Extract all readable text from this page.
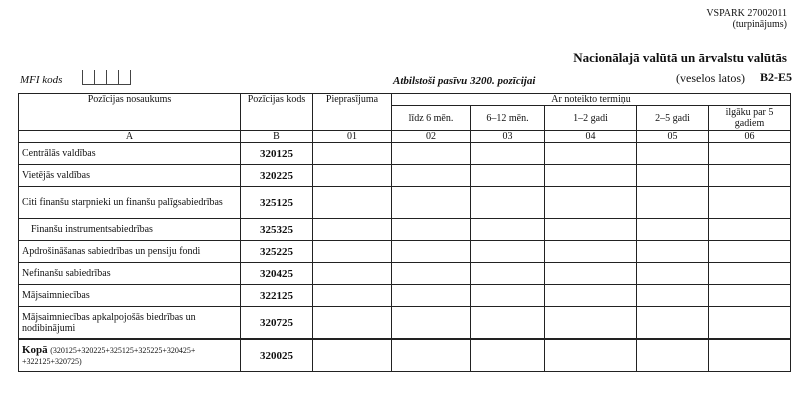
VSPARK 27002011
(turpinājums)
Nacionālajā valūtā un ārvalstu valūtās
MFI kods	Atbilstoši pasīvu 3200. pozīcijai	(veselos latos) B2-E5
Pozīcijas nosaukums	Pozīcijas kods	Pieprasījuma	Ar noteikto termiņu				
			līdz 6 mēn.	6–12 mēn.	1–2 gadi	2–5 gadi	ilgāku par 5 gadiem
A	B	01	02	03	04	05	06
Centrālās valdības	320125						
Vietējās valdības	320225						
Citi finanšu starpnieki un finanšu palīgsabiedrības	325125						
Finanšu instrumentsabiedrības	325325						
Apdrošināšanas sabiedrības un pensiju fondi	325225						
Nefinanšu sabiedrības	320425						
Mājsaimniecības	322125						
Mājsaimniecības apkalpojošās biedrības un nodibinājumi	320725						
Kopā (320125+320225+325125+325225+320425+ +322125+320725)	320025						
